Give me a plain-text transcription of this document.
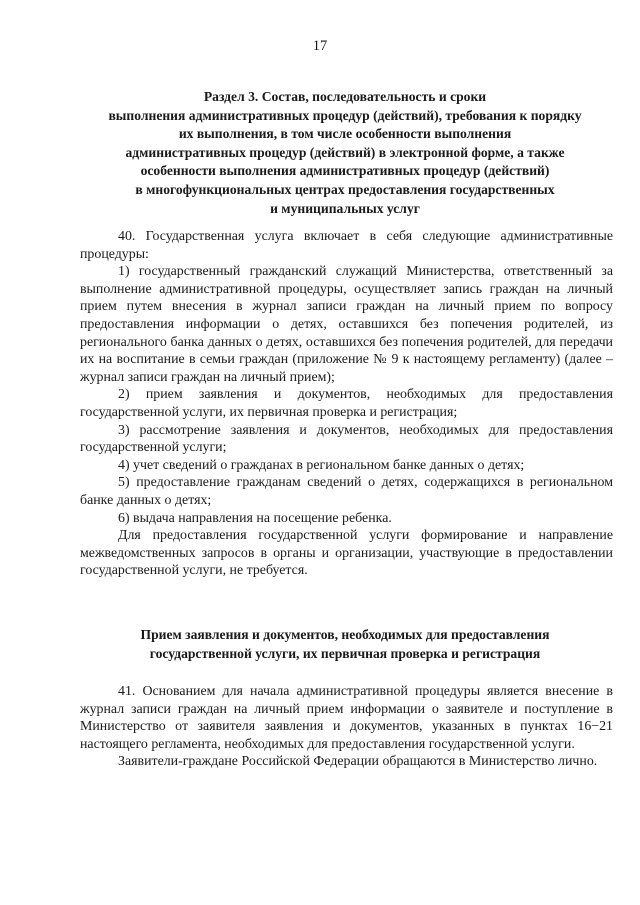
17
Раздел 3. Состав, последовательность и сроки
выполнения административных процедур (действий), требования к порядку
их выполнения, в том числе особенности выполнения
административных процедур (действий) в электронной форме, а также
особенности выполнения административных процедур (действий)
в многофункциональных центрах предоставления государственных
и муниципальных услуг

40. Государственная услуга включает в себя следующие административные процедуры:

1) государственный гражданский служащий Министерства, ответственный за выполнение административной процедуры, осуществляет запись граждан на личный прием путем внесения в журнал записи граждан на личный прием по вопросу предоставления информации о детях, оставшихся без попечения родителей, из регионального банка данных о детях, оставшихся без попечения родителей, для передачи их на воспитание в семьи граждан (приложение № 9 к настоящему регламенту) (далее – журнал записи граждан на личный прием);

2) прием заявления и документов, необходимых для предоставления государственной услуги, их первичная проверка и регистрация;

3) рассмотрение заявления и документов, необходимых для предоставления государственной услуги;

4) учет сведений о гражданах в региональном банке данных о детях;

5) предоставление гражданам сведений о детях, содержащихся в региональном банке данных о детях;

6) выдача направления на посещение ребенка.

Для предоставления государственной услуги формирование и направление межведомственных запросов в органы и организации, участвующие в предоставлении государственной услуги, не требуется.

Прием заявления и документов, необходимых для предоставления
государственной услуги, их первичная проверка и регистрация

41. Основанием для начала административной процедуры является внесение в журнал записи граждан на личный прием информации о заявителе и поступление в Министерство от заявителя заявления и документов, указанных в пунктах 16−21 настоящего регламента, необходимых для предоставления государственной услуги.

Заявители-граждане Российской Федерации обращаются в Министерство лично.
